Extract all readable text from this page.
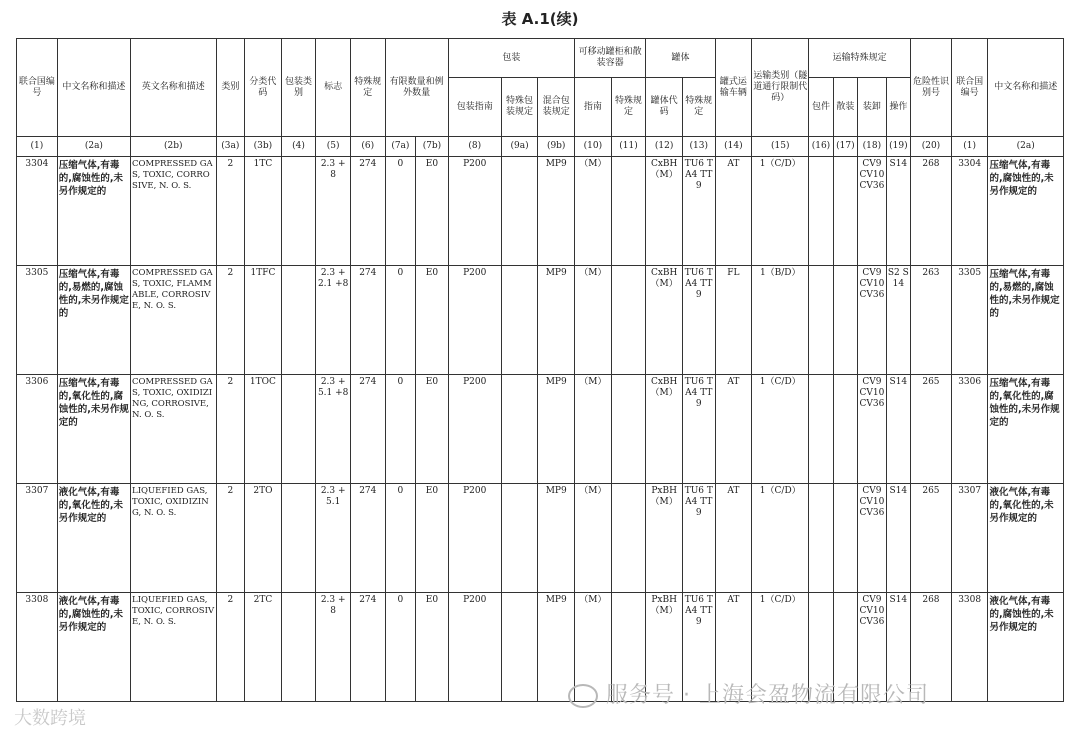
表 A.1(续)
联合国编号	中文名称和描述	英文名称和描述	类别	分类代码	包装类别	标志	特殊规定	有限数量和例外数量		包装			可移动罐柜和散装容器		罐体		罐式运输车辆	运输类别（隧道通行限制代码）	运输特殊规定				危险性识别号	联合国编号	中文名称和描述
										包装指南	特殊包装规定	混合包装规定	指南	特殊规定	罐体代码	特殊规定			包件	散装	装卸	操作			
(1)	(2a)	(2b)	(3a)	(3b)	(4)	(5)	(6)	(7a)	(7b)	(8)	(9a)	(9b)	(10)	(11)	(12)	(13)	(14)	(15)	(16)	(17)	(18)	(19)	(20)	(1)	(2a)
3304	压缩气体,有毒的,腐蚀性的,未另作规定的	COMPRESSED GAS, TOXIC, CORROSIVE, N. O. S.	2	1TC		2.3 + 8	274	0	E0	P200		MP9	（M）		CxBH（M）	TU6 TA4 TT9	AT	1（C/D）			CV9 CV10 CV36	S14	268	3304	压缩气体,有毒的,腐蚀性的,未另作规定的
3305	压缩气体,有毒的,易燃的,腐蚀性的,未另作规定的	COMPRESSED GAS, TOXIC, FLAMMABLE, CORROSIVE, N. O. S.	2	1TFC		2.3 +2.1 +8	274	0	E0	P200		MP9	（M）		CxBH（M）	TU6 TA4 TT9	FL	1（B/D）			CV9 CV10 CV36	S2 S14	263	3305	压缩气体,有毒的,易燃的,腐蚀性的,未另作规定的
3306	压缩气体,有毒的,氧化性的,腐蚀性的,未另作规定的	COMPRESSED GAS, TOXIC, OXIDIZING, CORROSIVE, N. O. S.	2	1TOC		2.3 +5.1 +8	274	0	E0	P200		MP9	（M）		CxBH（M）	TU6 TA4 TT9	AT	1（C/D）			CV9 CV10 CV36	S14	265	3306	压缩气体,有毒的,氧化性的,腐蚀性的,未另作规定的
3307	液化气体,有毒的,氧化性的,未另作规定的	LIQUEFIED GAS, TOXIC, OXIDIZING, N. O. S.	2	2TO		2.3 + 5.1	274	0	E0	P200		MP9	（M）		PxBH（M）	TU6 TA4 TT9	AT	1（C/D）			CV9 CV10 CV36	S14	265	3307	液化气体,有毒的,氧化性的,未另作规定的
3308	液化气体,有毒的,腐蚀性的,未另作规定的	LIQUEFIED GAS, TOXIC, CORROSIVE, N. O. S.	2	2TC		2.3 + 8	274	0	E0	P200		MP9	（M）		PxBH（M）	TU6 TA4 TT9	AT	1（C/D）			CV9 CV10 CV36	S14	268	3308	液化气体,有毒的,腐蚀性的,未另作规定的
服务号 · 上海会盈物流有限公司
大数跨境
